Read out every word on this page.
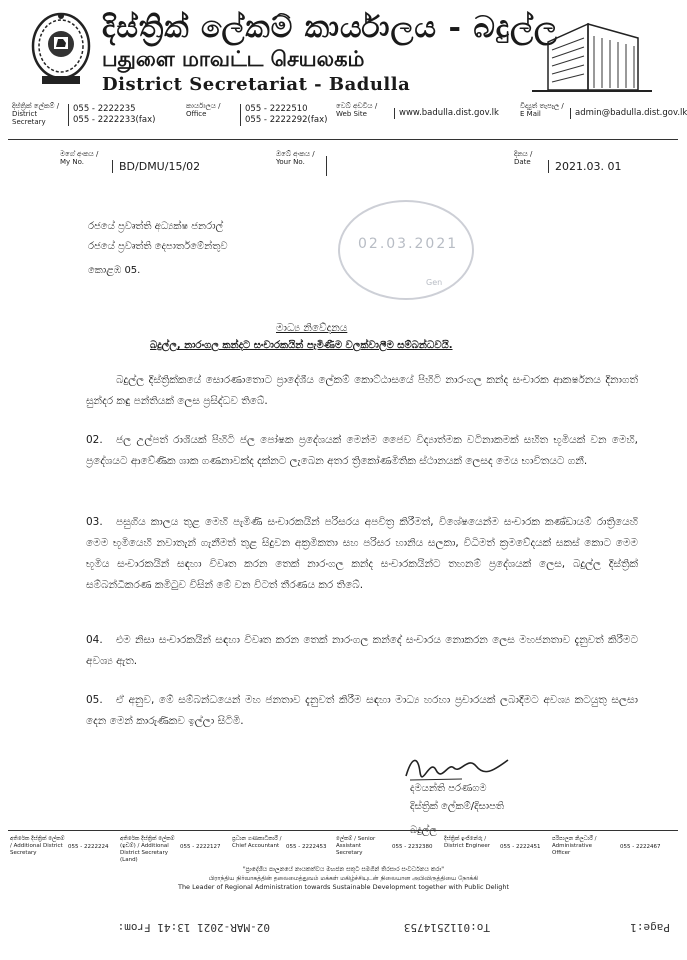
දිස්ත්‍රික් ලේකම් කාර්යාලය - බදුල්ල
பதுளை மாவட்ட செயலகம்
District Secretariat - Badulla
දිස්ත්‍රික් ලේකම් / District Secretary
055 - 2222235
055 - 2222233(fax)
කාර්යාලය / Office	055 - 2222510
055 - 2222292(fax)
වෙබ් අඩවිය / Web Site	www.badulla.dist.gov.lk
විද්‍යුත් තැපෑල / E Mail	admin@badulla.dist.gov.lk
මගේ අංකය / My No.	BD/DMU/15/02
ඔබේ අංකය / Your No.
දිනය / Date	2021.03. 01
02.03.2021
Gen
රජයේ ප්‍රවෘත්ති අධ්‍යක්ෂ ජනරාල්
රජයේ ප්‍රවෘත්ති දෙපාර්තමේන්තුව
කොළඹ 05.
මාධ්‍ය නිවේදනය
බදුල්ල, නාරංගල කන්දට සංචාරකයින් පැමිණීම වලක්වාලීම සම්බන්ධවයි.
බදුල්ල දිස්ත්‍රික්කයේ සොරණාතොට ප්‍රාදේශීය ලේකම් කොට්ඨාසයේ පිහිටි නාරංගල කන්ද සංචාරක ආකර්ෂනය දිනාගත් සුන්දර කඳු පන්තියක් ලෙස ප්‍රසිද්ධව තිබේ.
02.	ජල උල්පත් රාශියක් පිහිටි ජල පෝෂක ප්‍රදේශයක් මෙන්ම ජෛව විද්‍යාත්මක වටිනාකමක් සහිත භූමියක් වන මෙහි, ප්‍රදේශයට ආවේණික ශාක ගණනාවක්ද දක්නට ලැබෙන අතර ත්‍රිකෝණමිතික ස්ථානයක් ලෙසද මෙය භාවිතයට ගනී.
03.	පසුගිය කාලය තුළ මෙහි පැමිණි සංචාරකයින් පරිසරය අපවිත්‍ර කිරීමත්, විශේෂයෙන්ම සංචාරක කණ්ඩායම් රාත්‍රියෙහි මෙම භූමියෙහි නවාතැන් ගැනීමත් තුළ සිදුවන අක්‍රමිකතා සහ පරිසර හානිය සලකා, විධිමත් ක්‍රමවේදයක් සකස් කොට මෙම භූමිය සංචාරකයින් සඳහා විවෘත කරන තෙක් නාරංගල කන්ද සංචාරකයින්ට තහනම් ප්‍රදේශයක් ලෙස, බදුල්ල දිස්ත්‍රික් සම්බන්ධීකරණ කමිටුව විසින් මේ වන විටත් තීරණය කර තිබේ.
04.	එම නිසා සංචාරකයින් සඳහා විවෘත කරන තෙක් නාරංගල කන්දේ සංචාරය නොකරන ලෙස මහජනතාව දැනුවත් කිරීමට අවශ්‍ය ඇත.
05.	ඒ අනුව, මේ සම්බන්ධයෙන් මහ ජනතාව දැනුවත් කිරීම සඳහා මාධ්‍ය හරහා ප්‍රචාරයක් ලබාදීමට අවශ්‍ය කටයුතු සලසා දෙන මෙන් කාරුණිකව ඉල්ලා සිටිමි.
දමයන්ති පරණගම
දිස්ත්‍රික් ලේකම්/දිසාපති
අතිරේක දිස්ත්‍රික් ලේකම් / Additional District Secretary
055 - 2222224
අතිරේක දිස්ත්‍රික් ලේකම් (ඉඩම්) / Additional District Secretary (Land)
055 - 2222127
ප්‍රධාන ගණකාධිකාරී / Chief Accountant	055 - 2222453
ලේකම් / Senior Assistant Secretary
055 - 2232380
දිස්ත්‍රික් ඉංජිනේරු / District Engineer	055 - 2222451
පරිපාලන නිලධාරී / Administrative Officer
055 - 2222467
"ප්‍රාදේශීය පාලනයේ නායකත්වය මහජන සතුට සමගින් තිරසාර සංවර්ධනය කරා"
பிராந்திய நிர்வாகத்தின் தலைமைத்துவம் மக்கள் மகிழ்ச்சியுடன் நிலையான அபிவிருத்தியை நோக்கி
The Leader of Regional Administration towards Sustainable Development together with Public Delight
Page:1
To:0112514753
02-MAR-2021 13:41 From:
